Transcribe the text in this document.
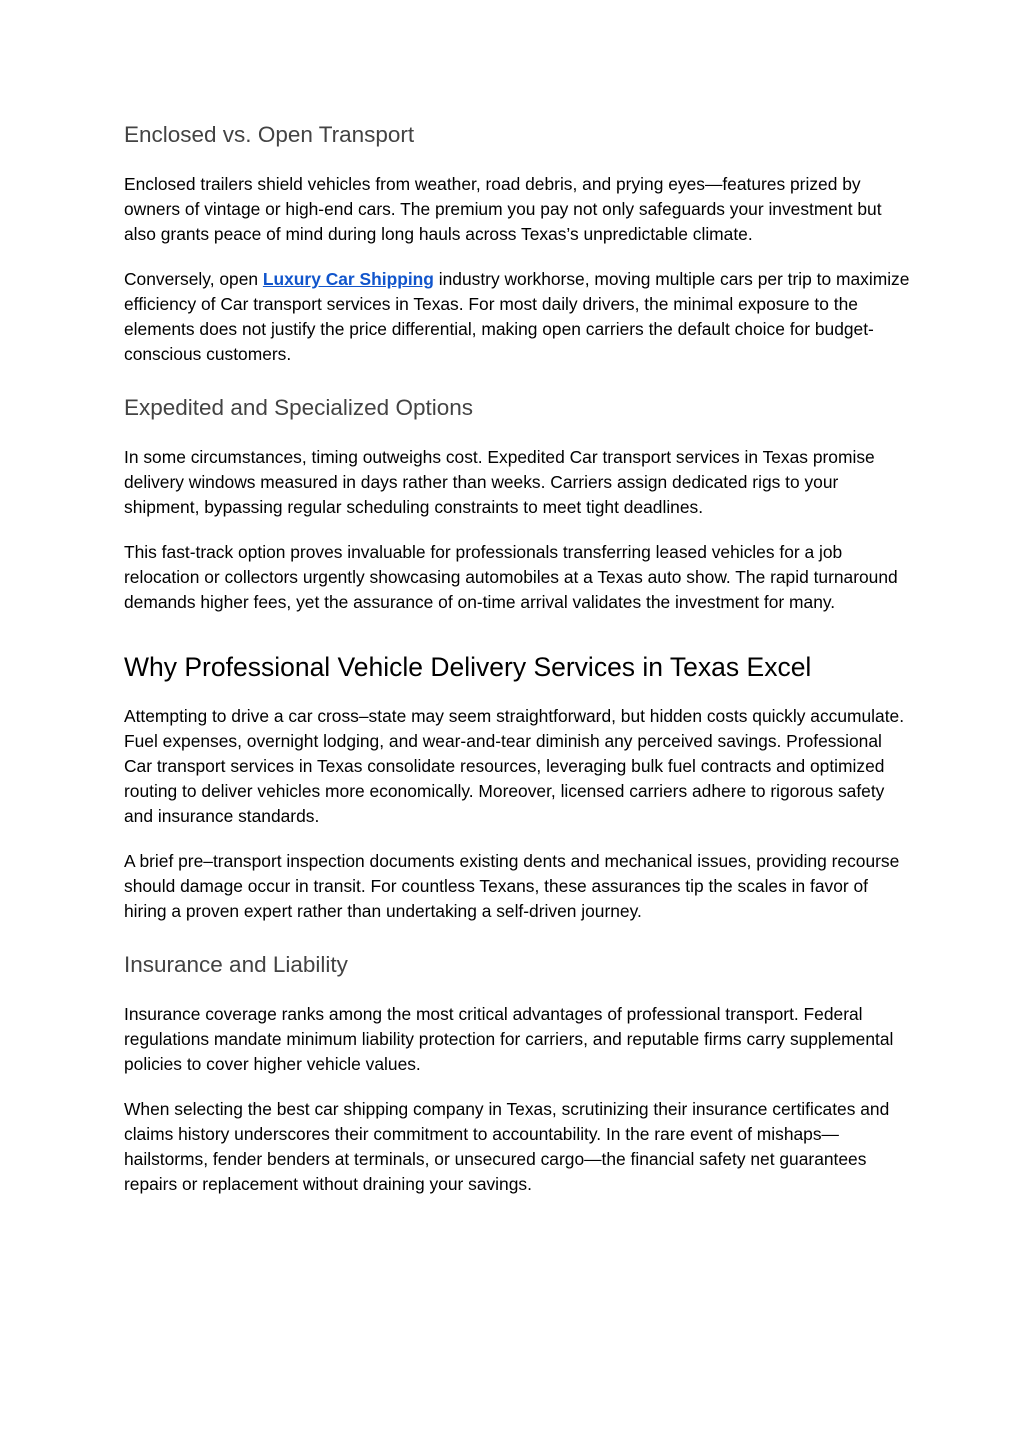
Enclosed vs. Open Transport

Enclosed trailers shield vehicles from weather, road debris, and prying eyes—features prized by owners of vintage or high-end cars. The premium you pay not only safeguards your investment but also grants peace of mind during long hauls across Texas’s unpredictable climate.

Conversely, open Luxury Car Shipping industry workhorse, moving multiple cars per trip to maximize efficiency of Car transport services in Texas. For most daily drivers, the minimal exposure to the elements does not justify the price differential, making open carriers the default choice for budget-conscious customers.

Expedited and Specialized Options

In some circumstances, timing outweighs cost. Expedited Car transport services in Texas promise delivery windows measured in days rather than weeks. Carriers assign dedicated rigs to your shipment, bypassing regular scheduling constraints to meet tight deadlines.

This fast-track option proves invaluable for professionals transferring leased vehicles for a job relocation or collectors urgently showcasing automobiles at a Texas auto show. The rapid turnaround demands higher fees, yet the assurance of on-time arrival validates the investment for many.

Why Professional Vehicle Delivery Services in Texas Excel

Attempting to drive a car cross–state may seem straightforward, but hidden costs quickly accumulate. Fuel expenses, overnight lodging, and wear-and-tear diminish any perceived savings. Professional Car transport services in Texas consolidate resources, leveraging bulk fuel contracts and optimized routing to deliver vehicles more economically. Moreover, licensed carriers adhere to rigorous safety and insurance standards.

A brief pre–transport inspection documents existing dents and mechanical issues, providing recourse should damage occur in transit. For countless Texans, these assurances tip the scales in favor of hiring a proven expert rather than undertaking a self-driven journey.

Insurance and Liability

Insurance coverage ranks among the most critical advantages of professional transport. Federal regulations mandate minimum liability protection for carriers, and reputable firms carry supplemental policies to cover higher vehicle values.

When selecting the best car shipping company in Texas, scrutinizing their insurance certificates and claims history underscores their commitment to accountability. In the rare event of mishaps—hailstorms, fender benders at terminals, or unsecured cargo—the financial safety net guarantees repairs or replacement without draining your savings.
